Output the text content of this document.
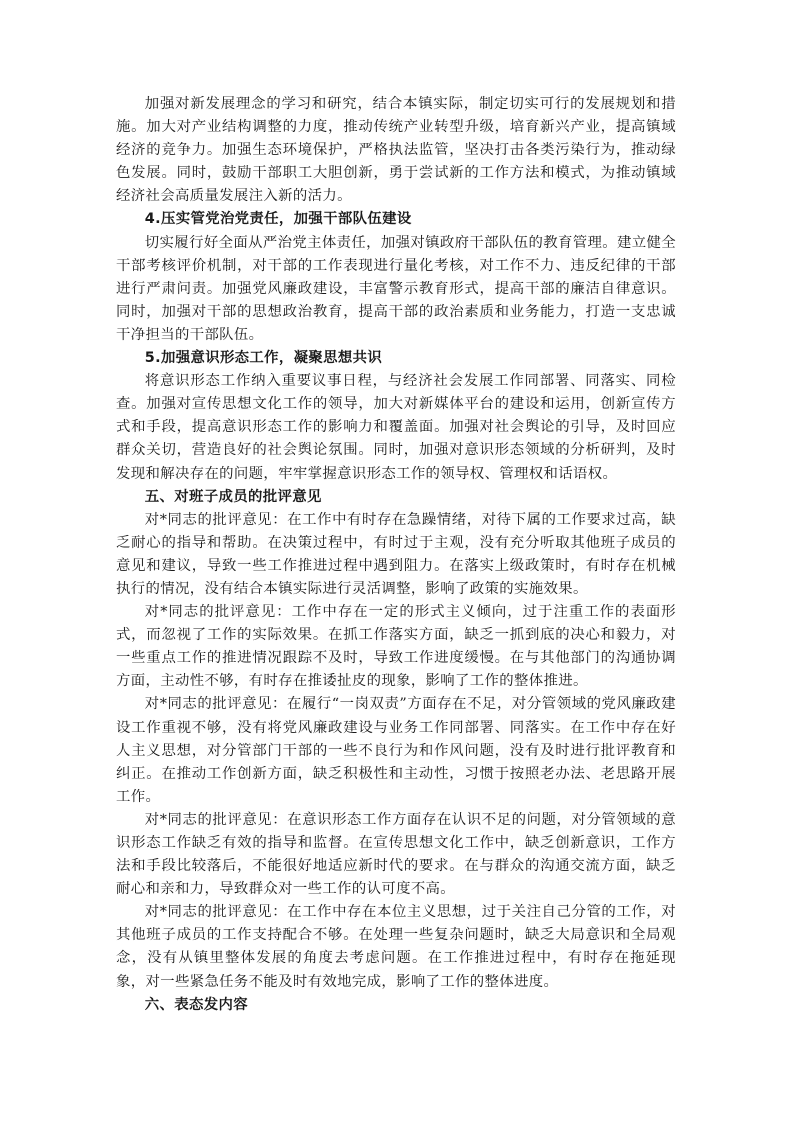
加强对新发展理念的学习和研究，结合本镇实际，制定切实可行的发展规划和措施。加大对产业结构调整的力度，推动传统产业转型升级，培育新兴产业，提高镇域经济的竞争力。加强生态环境保护，严格执法监管，坚决打击各类污染行为，推动绿色发展。同时，鼓励干部职工大胆创新，勇于尝试新的工作方法和模式，为推动镇域经济社会高质量发展注入新的活力。

4.压实管党治党责任，加强干部队伍建设

切实履行好全面从严治党主体责任，加强对镇政府干部队伍的教育管理。建立健全干部考核评价机制，对干部的工作表现进行量化考核，对工作不力、违反纪律的干部进行严肃问责。加强党风廉政建设，丰富警示教育形式，提高干部的廉洁自律意识。同时，加强对干部的思想政治教育，提高干部的政治素质和业务能力，打造一支忠诚干净担当的干部队伍。

5.加强意识形态工作，凝聚思想共识

将意识形态工作纳入重要议事日程，与经济社会发展工作同部署、同落实、同检查。加强对宣传思想文化工作的领导，加大对新媒体平台的建设和运用，创新宣传方式和手段，提高意识形态工作的影响力和覆盖面。加强对社会舆论的引导，及时回应群众关切，营造良好的社会舆论氛围。同时，加强对意识形态领域的分析研判，及时发现和解决存在的问题，牢牢掌握意识形态工作的领导权、管理权和话语权。

五、对班子成员的批评意见

对*同志的批评意见：在工作中有时存在急躁情绪，对待下属的工作要求过高，缺乏耐心的指导和帮助。在决策过程中，有时过于主观，没有充分听取其他班子成员的意见和建议，导致一些工作推进过程中遇到阻力。在落实上级政策时，有时存在机械执行的情况，没有结合本镇实际进行灵活调整，影响了政策的实施效果。

对*同志的批评意见：工作中存在一定的形式主义倾向，过于注重工作的表面形式，而忽视了工作的实际效果。在抓工作落实方面，缺乏一抓到底的决心和毅力，对一些重点工作的推进情况跟踪不及时，导致工作进度缓慢。在与其他部门的沟通协调方面，主动性不够，有时存在推诿扯皮的现象，影响了工作的整体推进。

对*同志的批评意见：在履行“一岗双责”方面存在不足，对分管领域的党风廉政建设工作重视不够，没有将党风廉政建设与业务工作同部署、同落实。在工作中存在好人主义思想，对分管部门干部的一些不良行为和作风问题，没有及时进行批评教育和纠正。在推动工作创新方面，缺乏积极性和主动性，习惯于按照老办法、老思路开展工作。

对*同志的批评意见：在意识形态工作方面存在认识不足的问题，对分管领域的意识形态工作缺乏有效的指导和监督。在宣传思想文化工作中，缺乏创新意识，工作方法和手段比较落后，不能很好地适应新时代的要求。在与群众的沟通交流方面，缺乏耐心和亲和力，导致群众对一些工作的认可度不高。

对*同志的批评意见：在工作中存在本位主义思想，过于关注自己分管的工作，对其他班子成员的工作支持配合不够。在处理一些复杂问题时，缺乏大局意识和全局观念，没有从镇里整体发展的角度去考虑问题。在工作推进过程中，有时存在拖延现象，对一些紧急任务不能及时有效地完成，影响了工作的整体进度。

六、表态发内容
